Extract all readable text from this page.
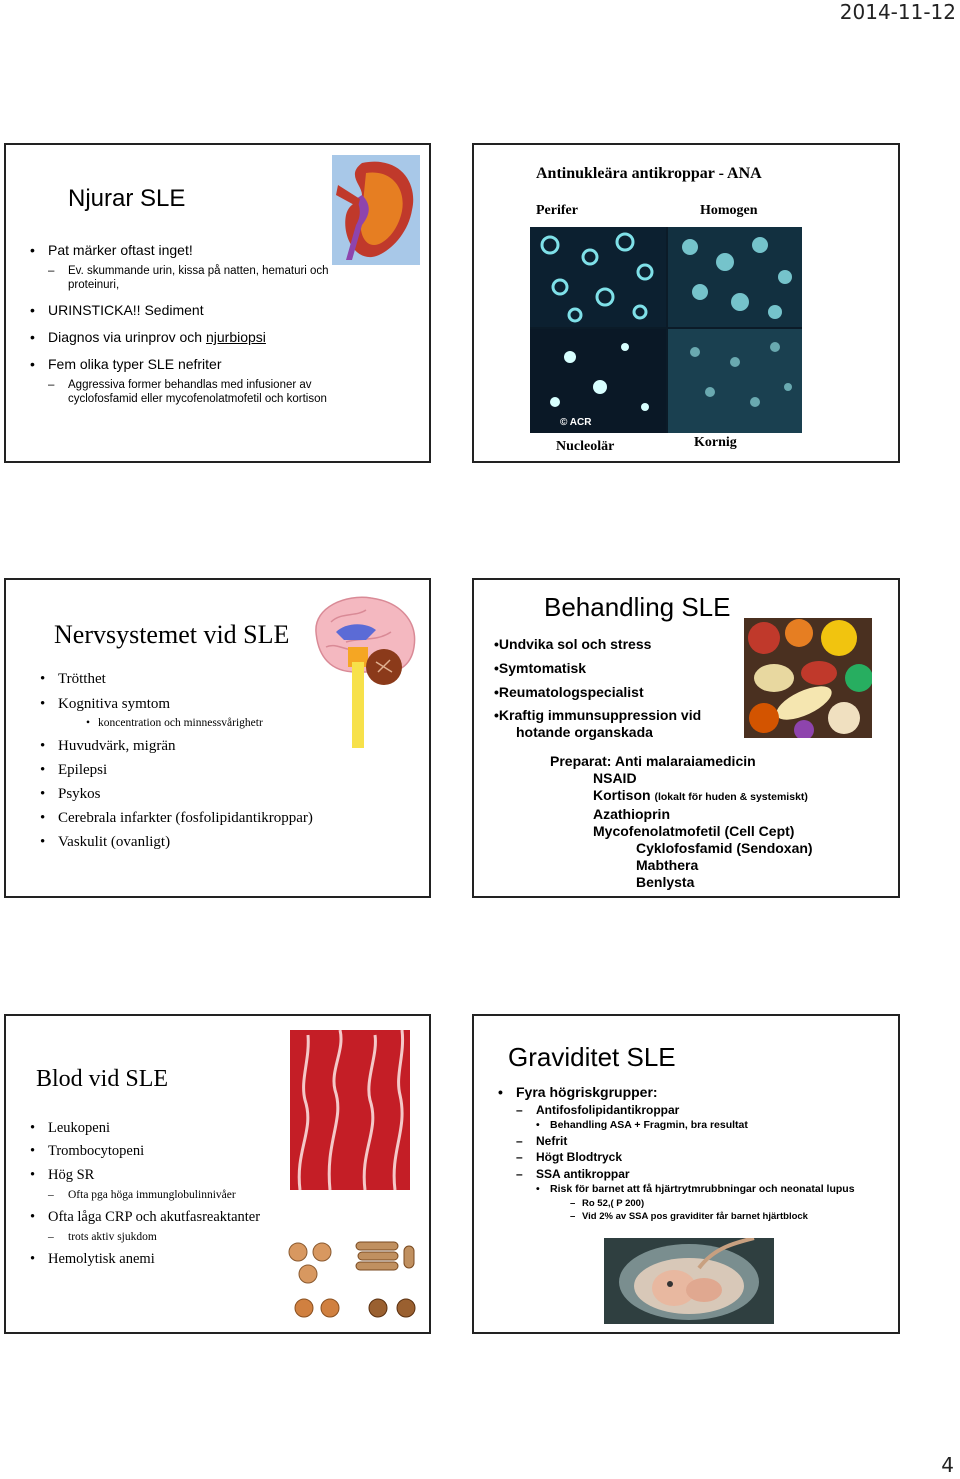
2014-11-12
Njurar SLE
• Pat märker oftast inget!
– Ev. skummande urin, kissa på natten, hematuri och proteinuri,
• URINSTICKA!! Sediment
• Diagnos via urinprov och njurbiopsi
• Fem olika typer SLE nefriter
– Aggressiva former behandlas med infusioner av cyclofosfamid eller mycofenolatmofetil och kortison
Antinukleära antikroppar - ANA
Perifer	Homogen
© ACR
Nucleolär	Kornig
Nervsystemet vid SLE
• Trötthet
• Kognitiva symtom
• koncentration och minnessvårighetr
• Huvudvärk, migrän
• Epilepsi
• Psykos
• Cerebrala infarkter (fosfolipidantikroppar)
• Vaskulit (ovanligt)
Behandling SLE
•Undvika sol och stress
•Symtomatisk
•Reumatologspecialist
•Kraftig immunsuppression vid
hotande organskada
Preparat: Anti malaraiamedicin
NSAID
Kortison (lokalt för huden & systemiskt)
Azathioprin
Mycofenolatmofetil (Cell Cept)
Cyklofosfamid (Sendoxan)
Mabthera
Benlysta
Blod vid SLE
• Leukopeni
• Trombocytopeni
• Hög SR
– Ofta pga höga immunglobulinnivåer
• Ofta låga CRP och akutfasreaktanter
– trots aktiv sjukdom
• Hemolytisk anemi
Graviditet SLE
• Fyra högriskgrupper:
– Antifosfolipidantikroppar
• Behandling ASA + Fragmin, bra resultat
– Nefrit
– Högt Blodtryck
– SSA antikroppar
• Risk för barnet att få hjärtrytmrubbningar och neonatal lupus
– Ro 52,( P 200)
– Vid 2% av SSA pos graviditer får barnet hjärtblock
4
